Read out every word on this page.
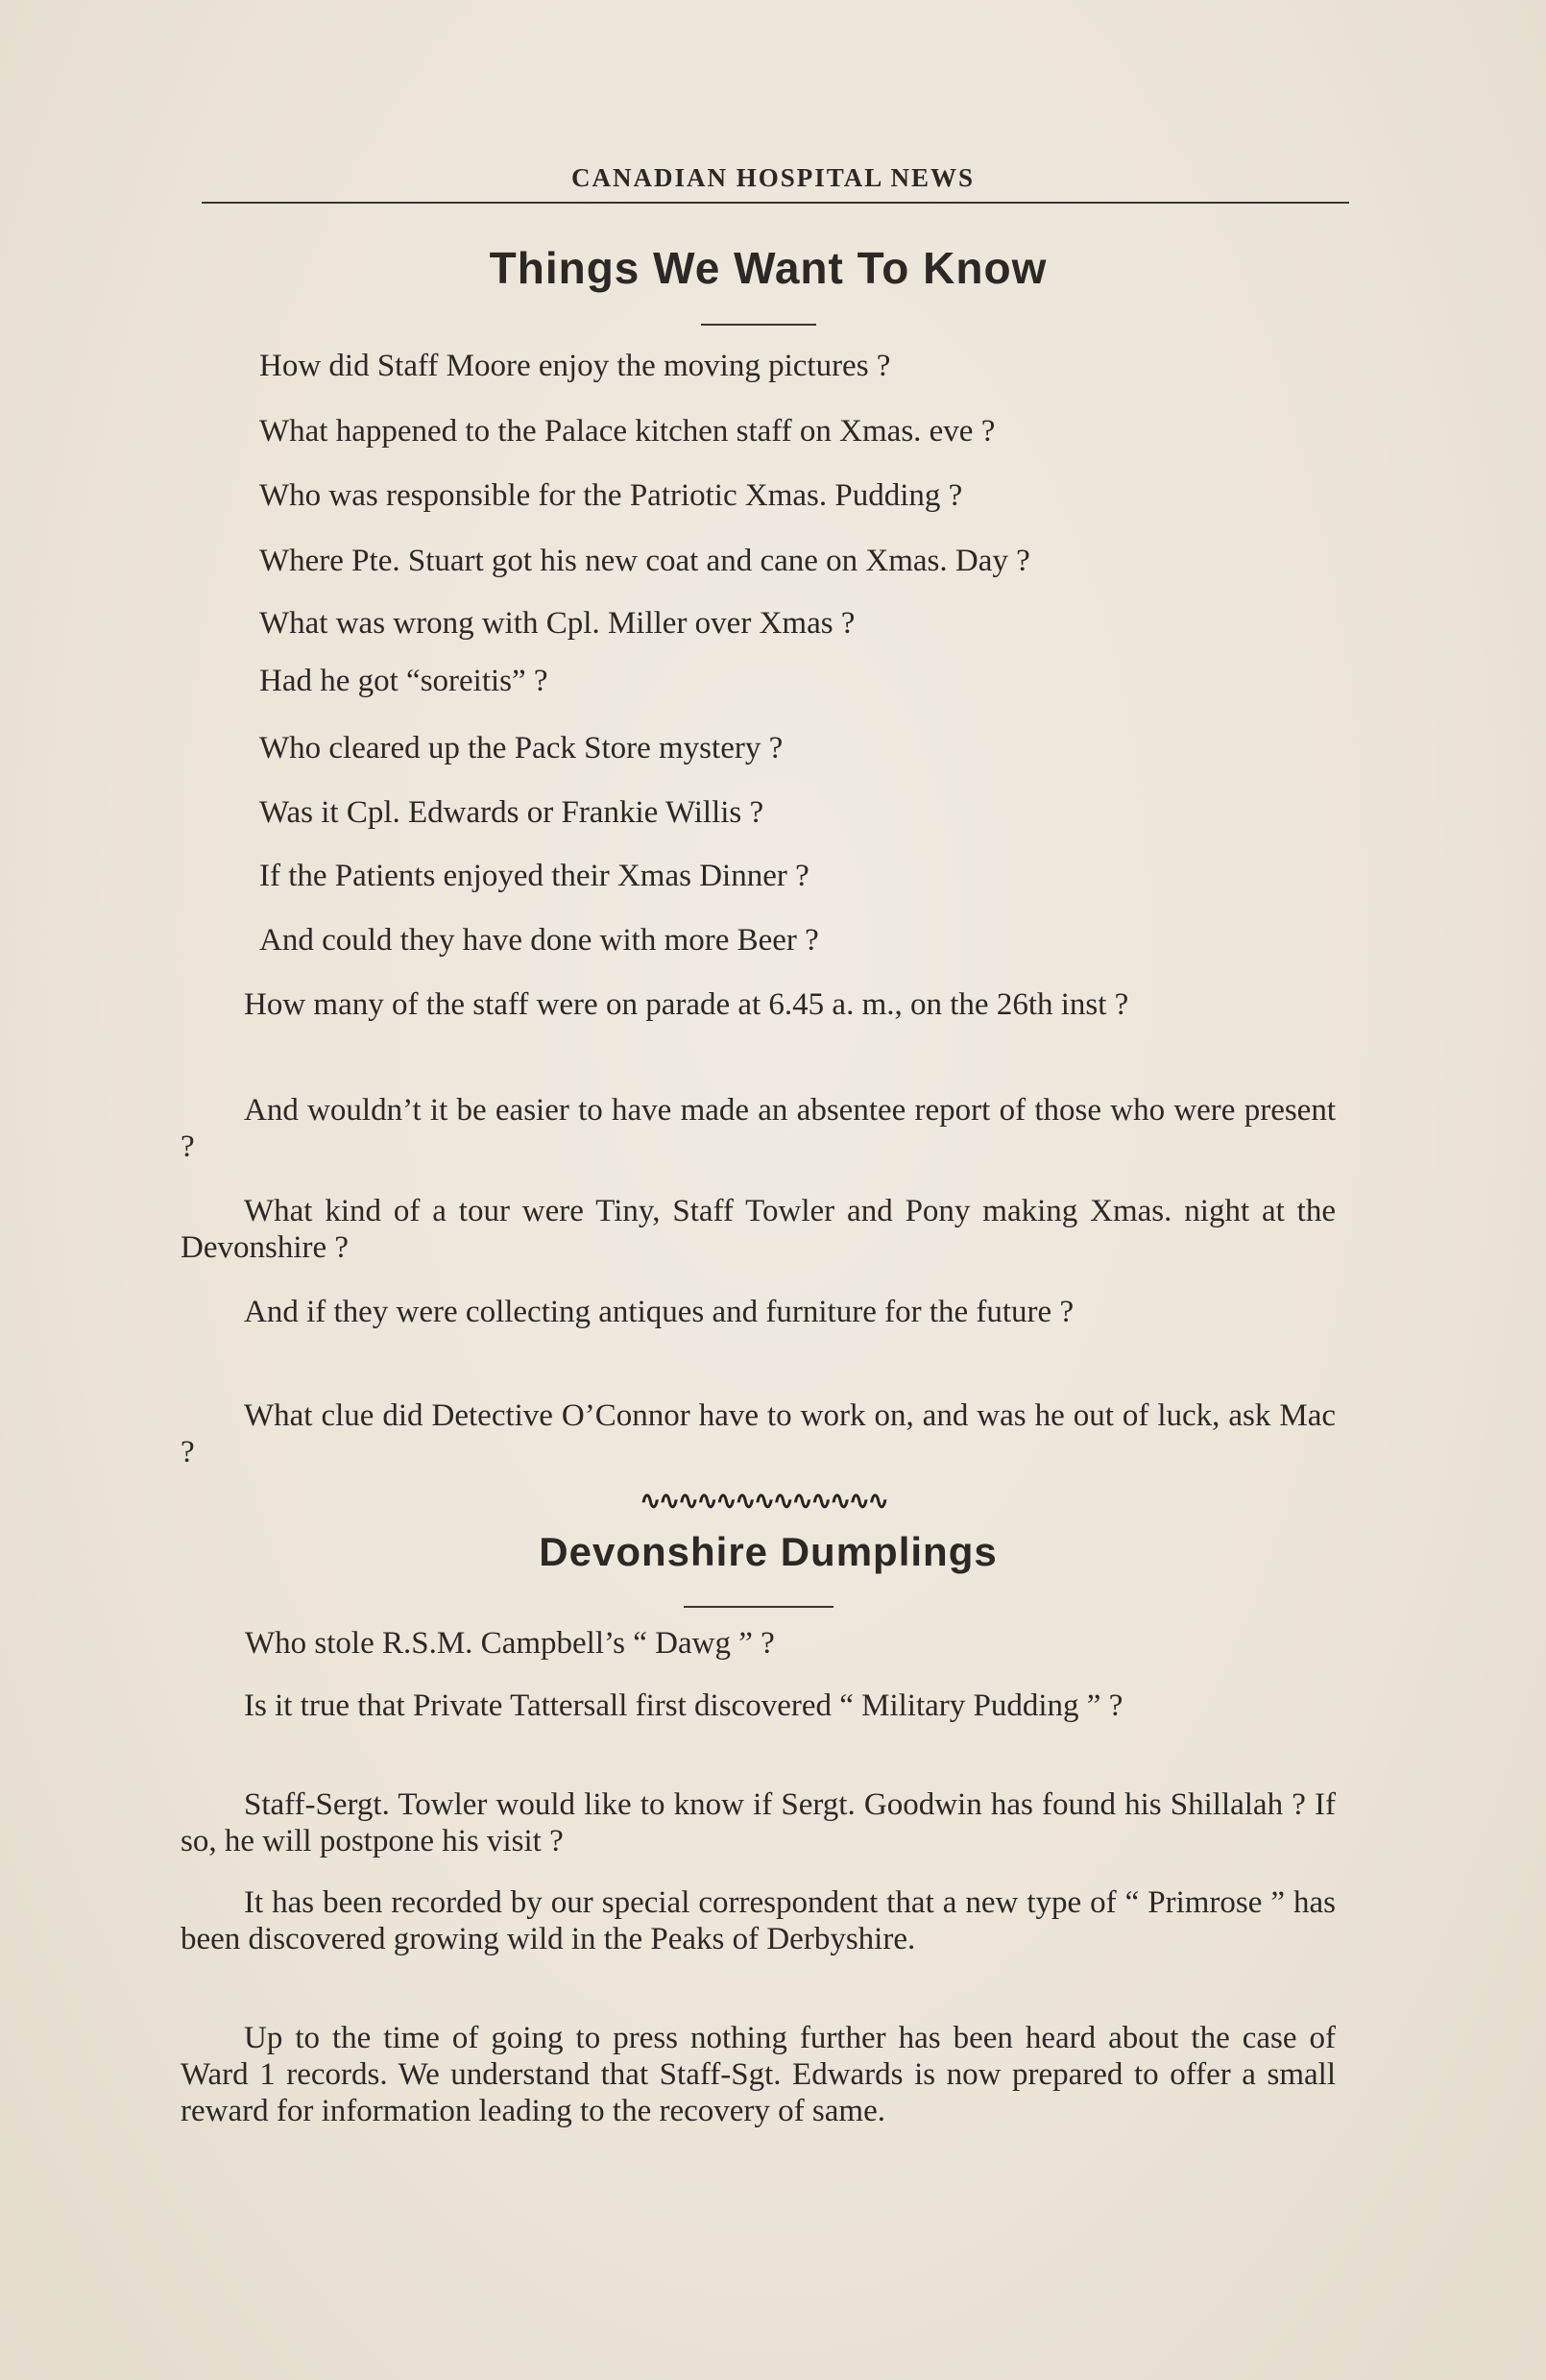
CANADIAN HOSPITAL NEWS
Things We Want To Know

How did Staff Moore enjoy the moving pictures ?

What happened to the Palace kitchen staff on Xmas. eve ?

Who was responsible for the Patriotic Xmas. Pudding ?

Where Pte. Stuart got his new coat and cane on Xmas. Day ?

What was wrong with Cpl. Miller over Xmas ?

Had he got “soreitis” ?

Who cleared up the Pack Store mystery ?

Was it Cpl. Edwards or Frankie Willis ?

If the Patients enjoyed their Xmas Dinner ?

And could they have done with more Beer ?

How many of the staff were on parade at 6.45 a. m., on the 26th inst ?

And wouldn’t it be easier to have made an absentee report of those who were present ?

What kind of a tour were Tiny, Staff Towler and Pony making Xmas. night at the Devonshire ?

And if they were collecting antiques and furniture for the future ?

What clue did Detective O’Connor have to work on, and was he out of luck, ask Mac ?

∿∿∿∿∿∿∿∿∿∿∿∿∿
Devonshire Dumplings

Who stole R.S.M. Campbell’s “ Dawg ” ?

Is it true that Private Tattersall first discovered “ Military Pudding ” ?

Staff-Sergt. Towler would like to know if Sergt. Goodwin has found his Shillalah ? If so, he will postpone his visit ?

It has been recorded by our special correspondent that a new type of “ Primrose ” has been discovered growing wild in the Peaks of Derbyshire.

Up to the time of going to press nothing further has been heard about the case of Ward 1 records. We understand that Staff-Sgt. Edwards is now prepared to offer a small reward for information leading to the recovery of same.
